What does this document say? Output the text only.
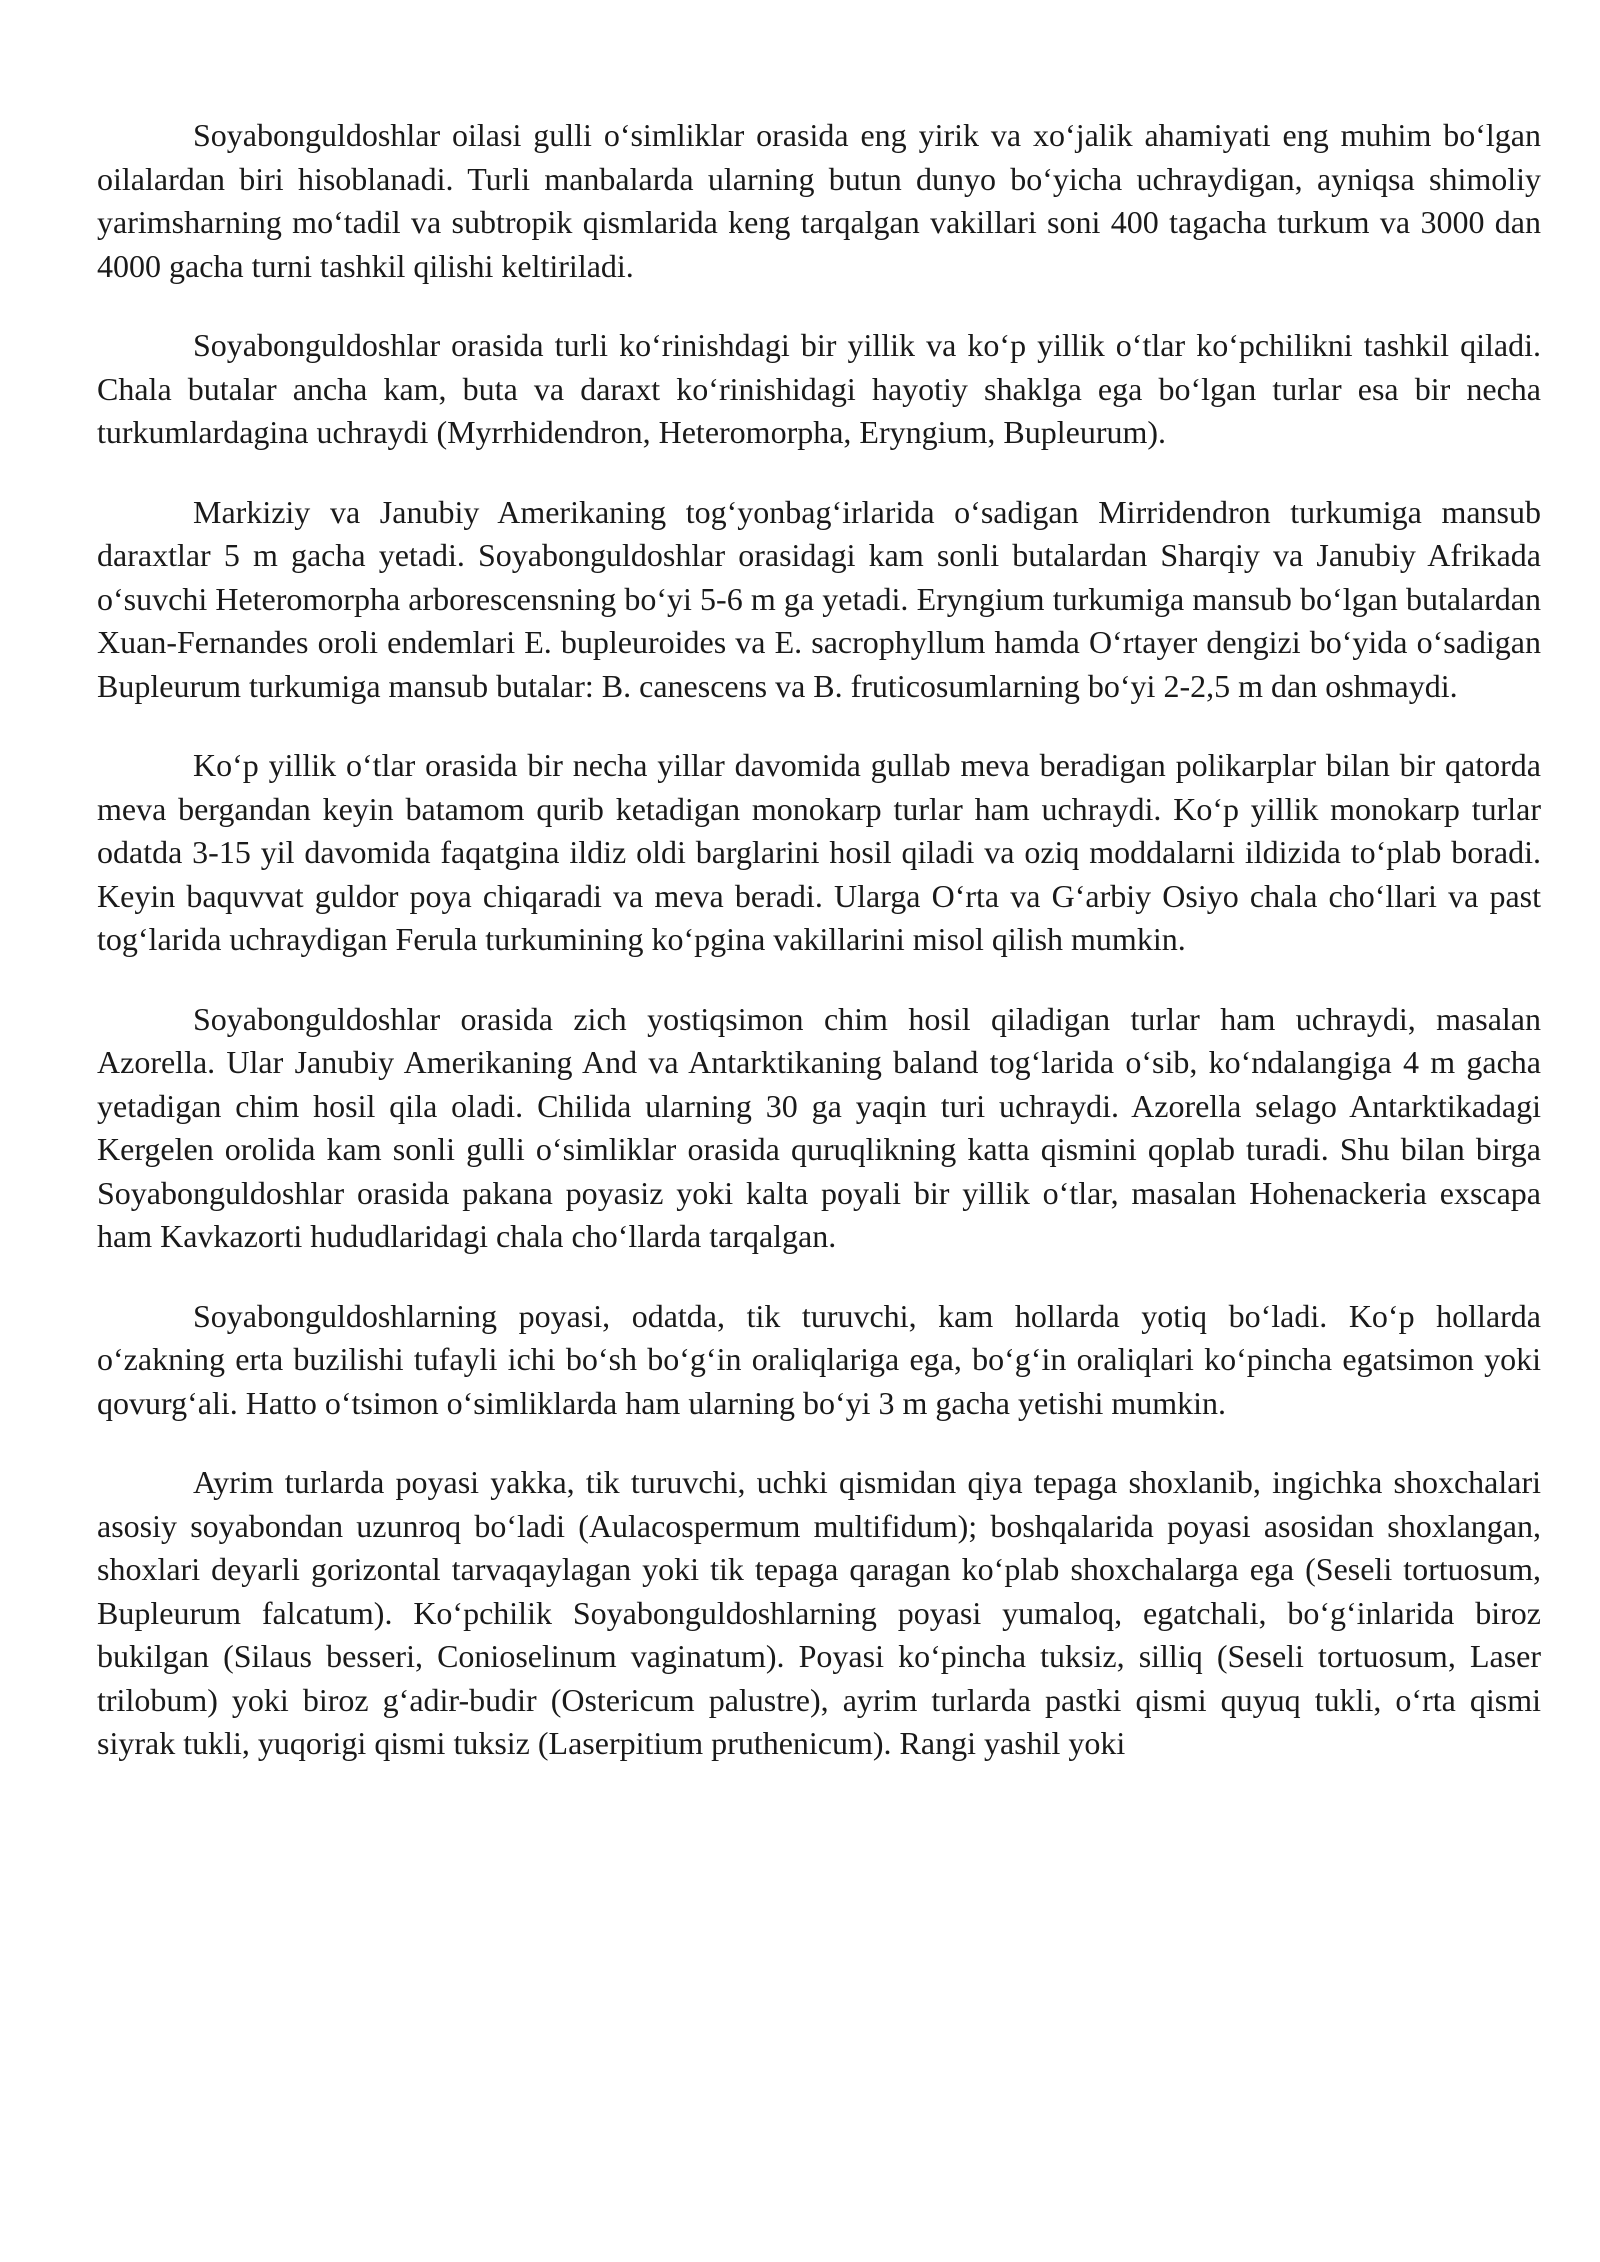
Soyabonguldoshlar oilasi gulli o‘simliklar orasida eng yirik va xo‘jalik ahamiyati eng muhim bo‘lgan oilalardan biri hisoblanadi. Turli manbalarda ularning butun dunyo bo‘yicha uchraydigan, ayniqsa shimoliy yarimsharning mo‘tadil va subtropik qismlarida keng tarqalgan vakillari soni 400 tagacha turkum va 3000 dan 4000 gacha turni tashkil qilishi keltiriladi.

Soyabonguldoshlar orasida turli ko‘rinishdagi bir yillik va ko‘p yillik o‘tlar ko‘pchilikni tashkil qiladi. Chala butalar ancha kam, buta va daraxt ko‘rinishidagi hayotiy shaklga ega bo‘lgan turlar esa bir necha turkumlardagina uchraydi (Myrrhidendron, Heteromorpha, Eryngium, Bupleurum).

Markiziy va Janubiy Amerikaning tog‘yonbag‘irlarida o‘sadigan Mirridendron turkumiga mansub daraxtlar 5 m gacha yetadi. Soyabonguldoshlar orasidagi kam sonli butalardan Sharqiy va Janubiy Afrikada o‘suvchi Heteromorpha arborescensning bo‘yi 5-6 m ga yetadi. Eryngium turkumiga mansub bo‘lgan butalardan Xuan-Fernandes oroli endemlari E. bupleuroides va E. sacrophyllum hamda O‘rtayer dengizi bo‘yida o‘sadigan Bupleurum turkumiga mansub butalar: B. canescens va B. fruticosumlarning bo‘yi 2-2,5 m dan oshmaydi.

Ko‘p yillik o‘tlar orasida bir necha yillar davomida gullab meva beradigan polikarplar bilan bir qatorda meva bergandan keyin batamom qurib ketadigan monokarp turlar ham uchraydi. Ko‘p yillik monokarp turlar odatda 3-15 yil davomida faqatgina ildiz oldi barglarini hosil qiladi va oziq moddalarni ildizida to‘plab boradi. Keyin baquvvat guldor poya chiqaradi va meva beradi. Ularga O‘rta va G‘arbiy Osiyo chala cho‘llari va past tog‘larida uchraydigan Ferula turkumining ko‘pgina vakillarini misol qilish mumkin.

Soyabonguldoshlar orasida zich yostiqsimon chim hosil qiladigan turlar ham uchraydi, masalan Azorella. Ular Janubiy Amerikaning And va Antarktikaning baland tog‘larida o‘sib, ko‘ndalangiga 4 m gacha yetadigan chim hosil qila oladi. Chilida ularning 30 ga yaqin turi uchraydi. Azorella selago Antarktikadagi Kergelen orolida kam sonli gulli o‘simliklar orasida quruqlikning katta qismini qoplab turadi. Shu bilan birga Soyabonguldoshlar orasida pakana poyasiz yoki kalta poyali bir yillik o‘tlar, masalan Hohenackeria exscapa ham Kavkazorti hududlaridagi chala cho‘llarda tarqalgan.

Soyabonguldoshlarning poyasi, odatda, tik turuvchi, kam hollarda yotiq bo‘ladi. Ko‘p hollarda o‘zakning erta buzilishi tufayli ichi bo‘sh bo‘g‘in oraliqlariga ega, bo‘g‘in oraliqlari ko‘pincha egatsimon yoki qovurg‘ali. Hatto o‘tsimon o‘simliklarda ham ularning bo‘yi 3 m gacha yetishi mumkin.

Ayrim turlarda poyasi yakka, tik turuvchi, uchki qismidan qiya tepaga shoxlanib, ingichka shoxchalari asosiy soyabondan uzunroq bo‘ladi (Aulacospermum multifidum); boshqalarida poyasi asosidan shoxlangan, shoxlari deyarli gorizontal tarvaqaylagan yoki tik tepaga qaragan ko‘plab shoxchalarga ega (Seseli tortuosum, Bupleurum falcatum). Ko‘pchilik Soyabonguldoshlarning poyasi yumaloq, egatchali, bo‘g‘inlarida biroz bukilgan (Silaus besseri, Conioselinum vaginatum). Poyasi ko‘pincha tuksiz, silliq (Seseli tortuosum, Laser trilobum) yoki biroz g‘adir-budir (Ostericum palustre), ayrim turlarda pastki qismi quyuq tukli, o‘rta qismi siyrak tukli, yuqorigi qismi tuksiz (Laserpitium pruthenicum). Rangi yashil yoki
